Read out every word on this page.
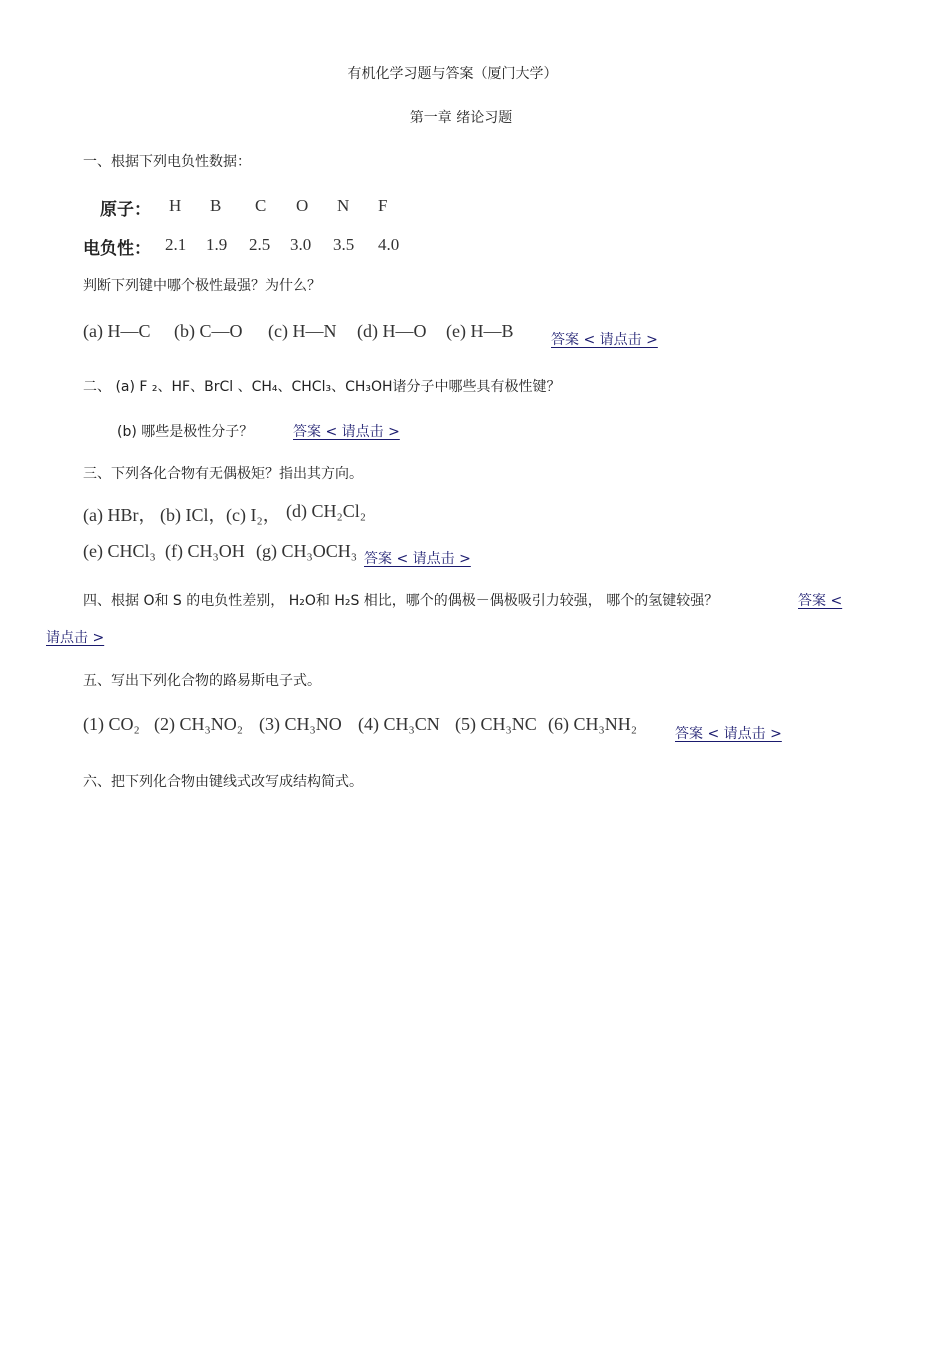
有机化学习题与答案（厦门大学）
第一章 绪论习题
一、根据下列电负性数据：
原子： H B C O N F
电负性： 2.1 1.9 2.5 3.0 3.5 4.0
判断下列键中哪个极性最强？为什么？
(a) H—C (b) C—O (c) H—N (d) H—O (e) H—B	答案 < 请点击 >
二、 (a) F ₂、HF、BrCl 、CH₄、CHCl₃、CH₃OH诸分子中哪些具有极性键？
(b) 哪些是极性分子？	答案 < 请点击 >
三、下列各化合物有无偶极矩？指出其方向。
(a) HBr， (b) ICl， (c) I₂， (d) CH₂Cl₂
(e) CHCl₃ (f) CH₃OH (g) CH₃OCH₃ 答案 < 请点击 >
四、根据 O和 S 的电负性差别， H₂O和 H₂S 相比，哪个的偶极－偶极吸引力较强， 哪个的氢键较强？	答案 <
请点击 >
五、写出下列化合物的路易斯电子式。
(1) CO₂ (2) CH₃NO₂ (3) CH₃NO (4) CH₃CN (5) CH₃NC (6) CH₃NH₂	答案 < 请点击 >
六、把下列化合物由键线式改写成结构简式。
